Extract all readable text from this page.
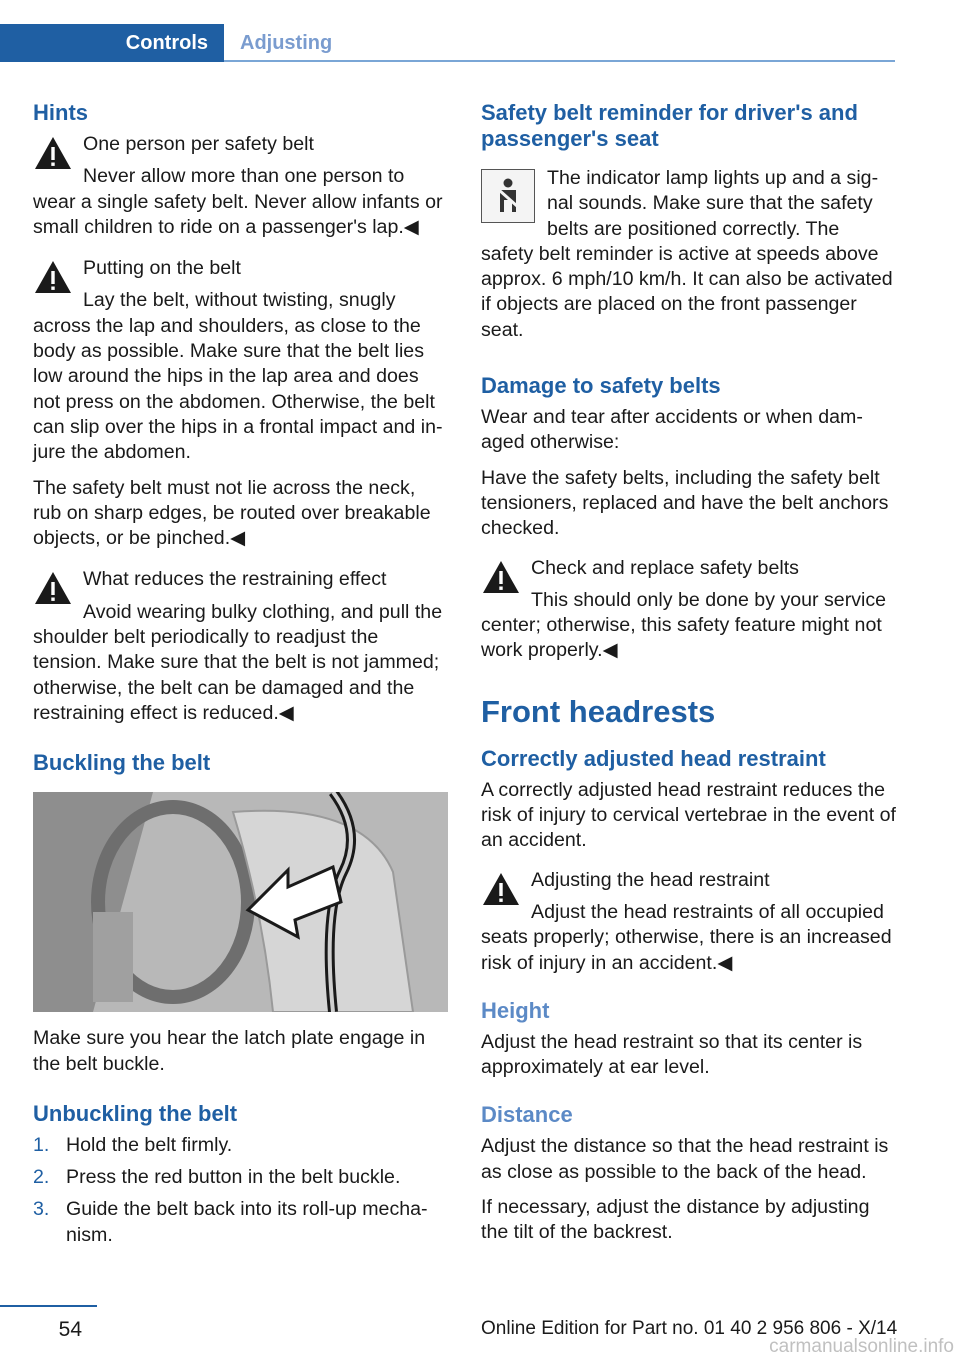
Controls	Adjusting
Hints
One person per safety belt
Never allow more than one person to wear a single safety belt. Never allow infants or small children to ride on a passenger's lap.◀
Putting on the belt
Lay the belt, without twisting, snugly across the lap and shoulders, as close to the body as possible. Make sure that the belt lies low around the hips in the lap area and does not press on the abdomen. Otherwise, the belt can slip over the hips in a frontal impact and in‐jure the abdomen.

The safety belt must not lie across the neck, rub on sharp edges, be routed over breakable objects, or be pinched.◀

What reduces the restraining effect
Avoid wearing bulky clothing, and pull the shoulder belt periodically to readjust the tension. Make sure that the belt is not jammed; otherwise, the belt can be damaged and the restraining effect is reduced.◀
Buckling the belt

Make sure you hear the latch plate engage in the belt buckle.

Unbuckling the belt
1. Hold the belt firmly.
2. Press the red button in the belt buckle.
3. Guide the belt back into its roll-up mecha‐nism.
Safety belt reminder for driver's and passenger's seat
The indicator lamp lights up and a sig‐nal sounds. Make sure that the safety belts are positioned correctly. The safety belt reminder is active at speeds above approx. 6 mph/10 km/h. It can also be activated if objects are placed on the front passenger seat.
Damage to safety belts

Wear and tear after accidents or when dam‐aged otherwise:

Have the safety belts, including the safety belt tensioners, replaced and have the belt anchors checked.

Check and replace safety belts
This should only be done by your service center; otherwise, this safety feature might not work properly.◀
Front headrests
Correctly adjusted head restraint

A correctly adjusted head restraint reduces the risk of injury to cervical vertebrae in the event of an accident.

Adjusting the head restraint
Adjust the head restraints of all occupied seats properly; otherwise, there is an increased risk of injury in an accident.◀
Height

Adjust the head restraint so that its center is approximately at ear level.

Distance

Adjust the distance so that the head restraint is as close as possible to the back of the head.

If necessary, adjust the distance by adjusting the tilt of the backrest.

54	Online Edition for Part no. 01 40 2 956 806 - X/14
carmanualsonline.info
